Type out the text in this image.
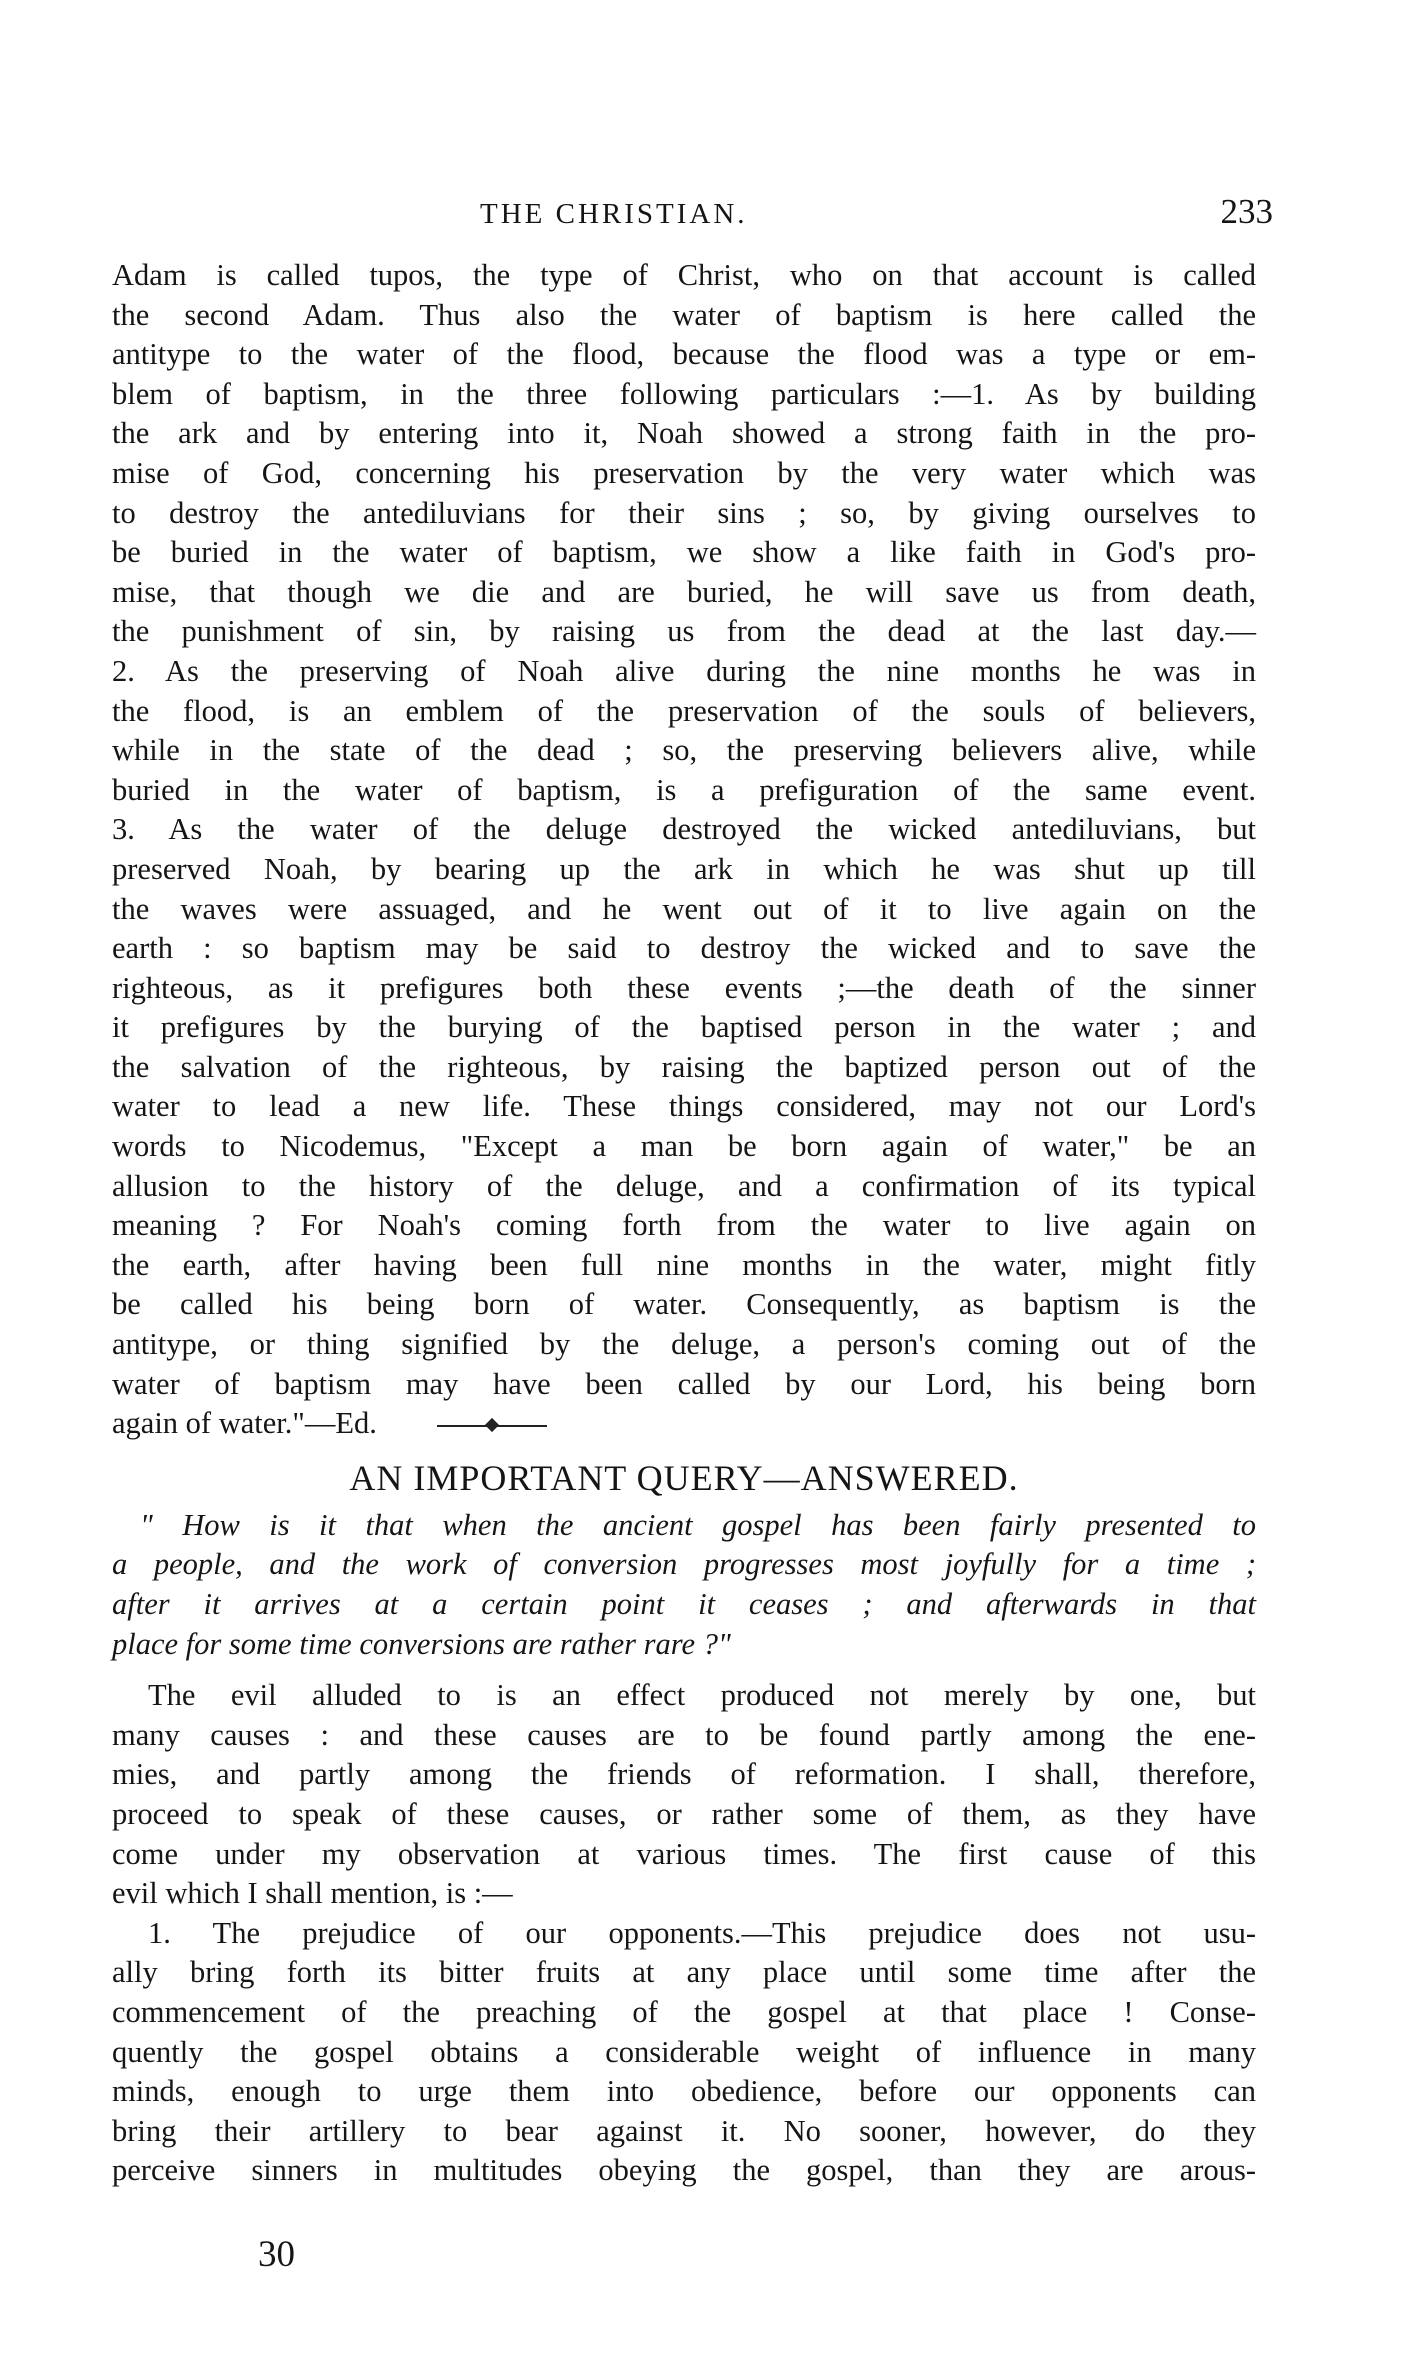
THE CHRISTIAN.	233
Adam is called tupos, the type of Christ, who on that account is called
the second Adam. Thus also the water of baptism is here called the
antitype to the water of the flood, because the flood was a type or em-
blem of baptism, in the three following particulars :—1. As by building
the ark and by entering into it, Noah showed a strong faith in the pro-
mise of God, concerning his preservation by the very water which was
to destroy the antediluvians for their sins ; so, by giving ourselves to
be buried in the water of baptism, we show a like faith in God's pro-
mise, that though we die and are buried, he will save us from death,
the punishment of sin, by raising us from the dead at the last day.—
2. As the preserving of Noah alive during the nine months he was in
the flood, is an emblem of the preservation of the souls of believers,
while in the state of the dead ; so, the preserving believers alive, while
buried in the water of baptism, is a prefiguration of the same event.
3. As the water of the deluge destroyed the wicked antediluvians, but
preserved Noah, by bearing up the ark in which he was shut up till
the waves were assuaged, and he went out of it to live again on the
earth : so baptism may be said to destroy the wicked and to save the
righteous, as it prefigures both these events ;—the death of the sinner
it prefigures by the burying of the baptised person in the water ; and
the salvation of the righteous, by raising the baptized person out of the
water to lead a new life. These things considered, may not our Lord's
words to Nicodemus, "Except a man be born again of water," be an
allusion to the history of the deluge, and a confirmation of its typical
meaning ? For Noah's coming forth from the water to live again on
the earth, after having been full nine months in the water, might fitly
be called his being born of water. Consequently, as baptism is the
antitype, or thing signified by the deluge, a person's coming out of the
water of baptism may have been called by our Lord, his being born
again of water."—Ed.
AN IMPORTANT QUERY—ANSWERED.
" How is it that when the ancient gospel has been fairly presented to
a people, and the work of conversion progresses most joyfully for a time ;
after it arrives at a certain point it ceases ; and afterwards in that
place for some time conversions are rather rare ?"
The evil alluded to is an effect produced not merely by one, but
many causes : and these causes are to be found partly among the ene-
mies, and partly among the friends of reformation. I shall, therefore,
proceed to speak of these causes, or rather some of them, as they have
come under my observation at various times. The first cause of this
evil which I shall mention, is :—
1. The prejudice of our opponents.—This prejudice does not usu-
ally bring forth its bitter fruits at any place until some time after the
commencement of the preaching of the gospel at that place ! Conse-
quently the gospel obtains a considerable weight of influence in many
minds, enough to urge them into obedience, before our opponents can
bring their artillery to bear against it. No sooner, however, do they
perceive sinners in multitudes obeying the gospel, than they are arous-
30
